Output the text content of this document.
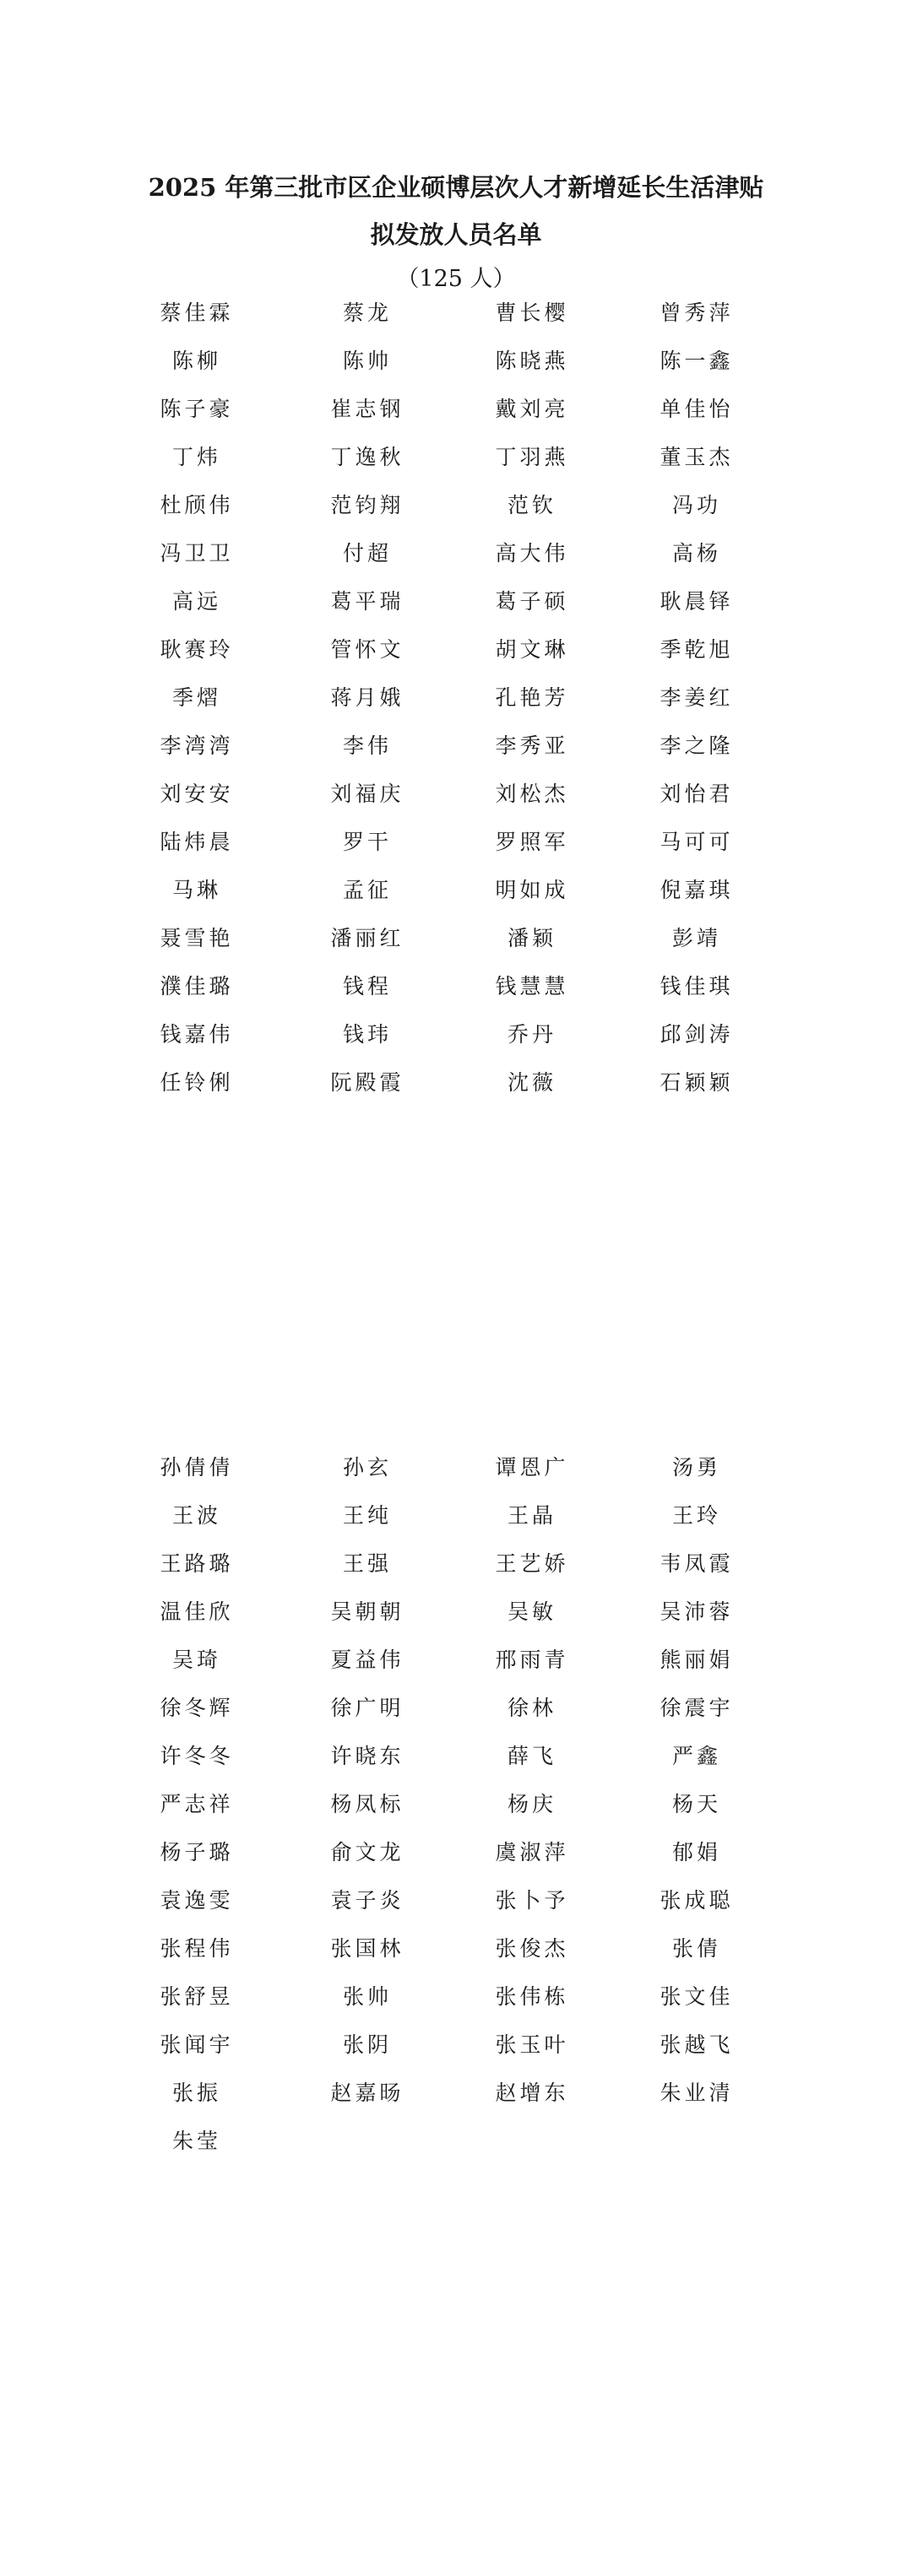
2025 年第三批市区企业硕博层次人才新增延长生活津贴
拟发放人员名单
（125 人）
蔡佳霖	蔡龙	曹长樱	曾秀萍
陈柳	陈帅	陈晓燕	陈一鑫
陈子豪	崔志钢	戴刘亮	单佳怡
丁炜	丁逸秋	丁羽燕	董玉杰
杜颀伟	范钧翔	范钦	冯功
冯卫卫	付超	高大伟	高杨
高远	葛平瑞	葛子硕	耿晨铎
耿赛玲	管怀文	胡文琳	季乾旭
季熠	蒋月娥	孔艳芳	李姜红
李湾湾	李伟	李秀亚	李之隆
刘安安	刘福庆	刘松杰	刘怡君
陆炜晨	罗干	罗照军	马可可
马琳	孟征	明如成	倪嘉琪
聂雪艳	潘丽红	潘颖	彭靖
濮佳璐	钱程	钱慧慧	钱佳琪
钱嘉伟	钱玮	乔丹	邱剑涛
任铃俐	阮殿霞	沈薇	石颖颖
孙倩倩	孙玄	谭恩广	汤勇
王波	王纯	王晶	王玲
王路璐	王强	王艺娇	韦凤霞
温佳欣	吴朝朝	吴敏	吴沛蓉
吴琦	夏益伟	邢雨青	熊丽娟
徐冬辉	徐广明	徐林	徐震宇
许冬冬	许晓东	薛飞	严鑫
严志祥	杨凤标	杨庆	杨天
杨子璐	俞文龙	虞淑萍	郁娟
袁逸雯	袁子炎	张卜予	张成聪
张程伟	张国林	张俊杰	张倩
张舒昱	张帅	张伟栋	张文佳
张闻宇	张阴	张玉叶	张越飞
张振	赵嘉旸	赵增东	朱业清
朱莹
